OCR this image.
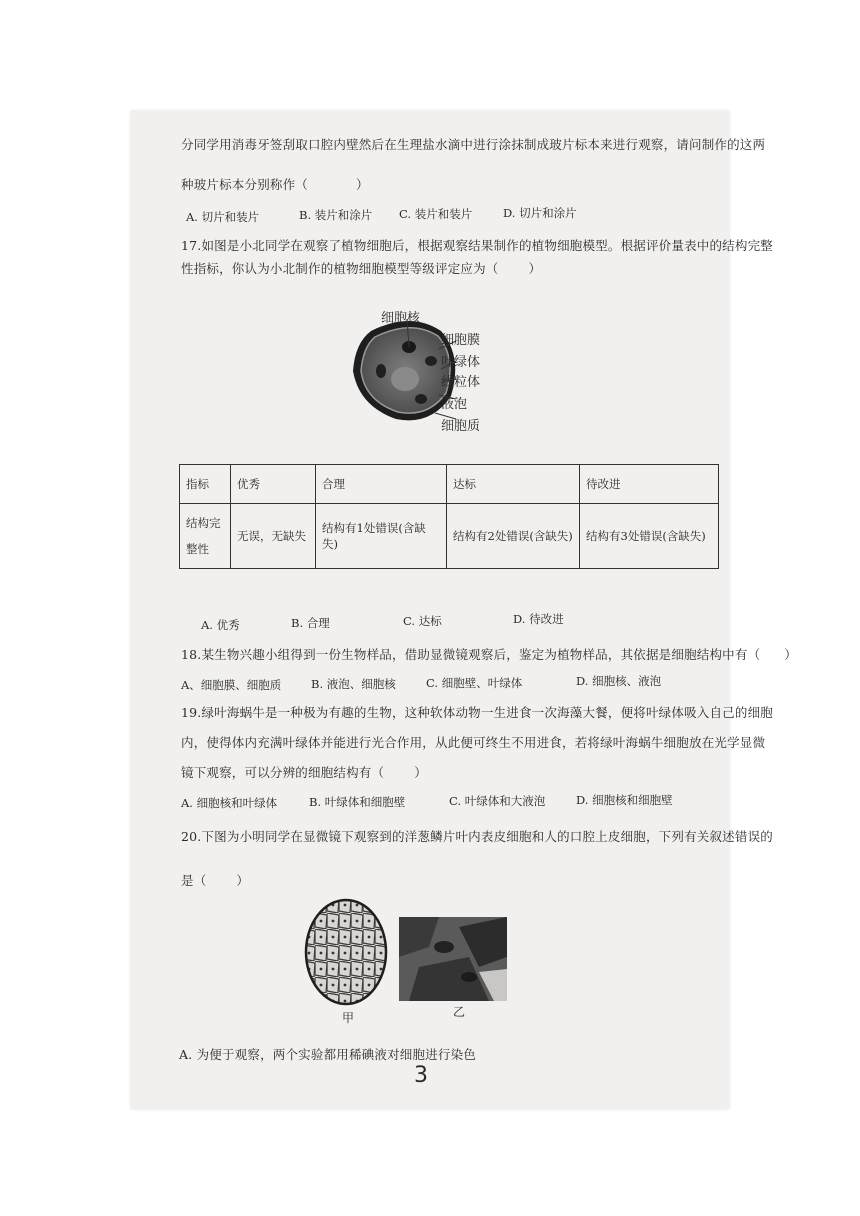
分同学用消毒牙签刮取口腔内壁然后在生理盐水滴中进行涂抹制成玻片标本来进行观察，请问制作的这两
种玻片标本分别称作（	）
A. 切片和装片	B. 装片和涂片 C. 装片和装片	D. 切片和涂片
17.如图是小北同学在观察了植物细胞后，根据观察结果制作的植物细胞模型。根据评价量表中的结构完整
性指标，你认为小北制作的植物细胞模型等级评定应为（ ）
细胞核
细胞膜
叶绿体
线粒体
液泡
细胞质
指标	优秀	合理	达标	待改进

结构完
整性	无误，无缺失	结构有1处错误(含缺失)	结构有2处错误(含缺失)	结构有3处错误(含缺失)
A. 优秀	B. 合理	C. 达标	D. 待改进
18.某生物兴趣小组得到一份生物样品，借助显微镜观察后，鉴定为植物样品，其依据是细胞结构中有（ ）
A、细胞膜、细胞质	B. 液泡、细胞核	C. 细胞壁、叶绿体	D. 细胞核、液泡
19.绿叶海蜗牛是一种极为有趣的生物，这种软体动物一生进食一次海藻大餐，便将叶绿体吸入自己的细胞
内，使得体内充满叶绿体并能进行光合作用，从此便可终生不用进食，若将绿叶海蜗牛细胞放在光学显微
镜下观察，可以分辨的细胞结构有（ ）
A. 细胞核和叶绿体	B. 叶绿体和细胞壁	C. 叶绿体和大液泡	D. 细胞核和细胞壁
20.下图为小明同学在显微镜下观察到的洋葱鳞片叶内表皮细胞和人的口腔上皮细胞，下列有关叙述错误的
是（ ）
甲	乙
A. 为便于观察，两个实验都用稀碘液对细胞进行染色
3
